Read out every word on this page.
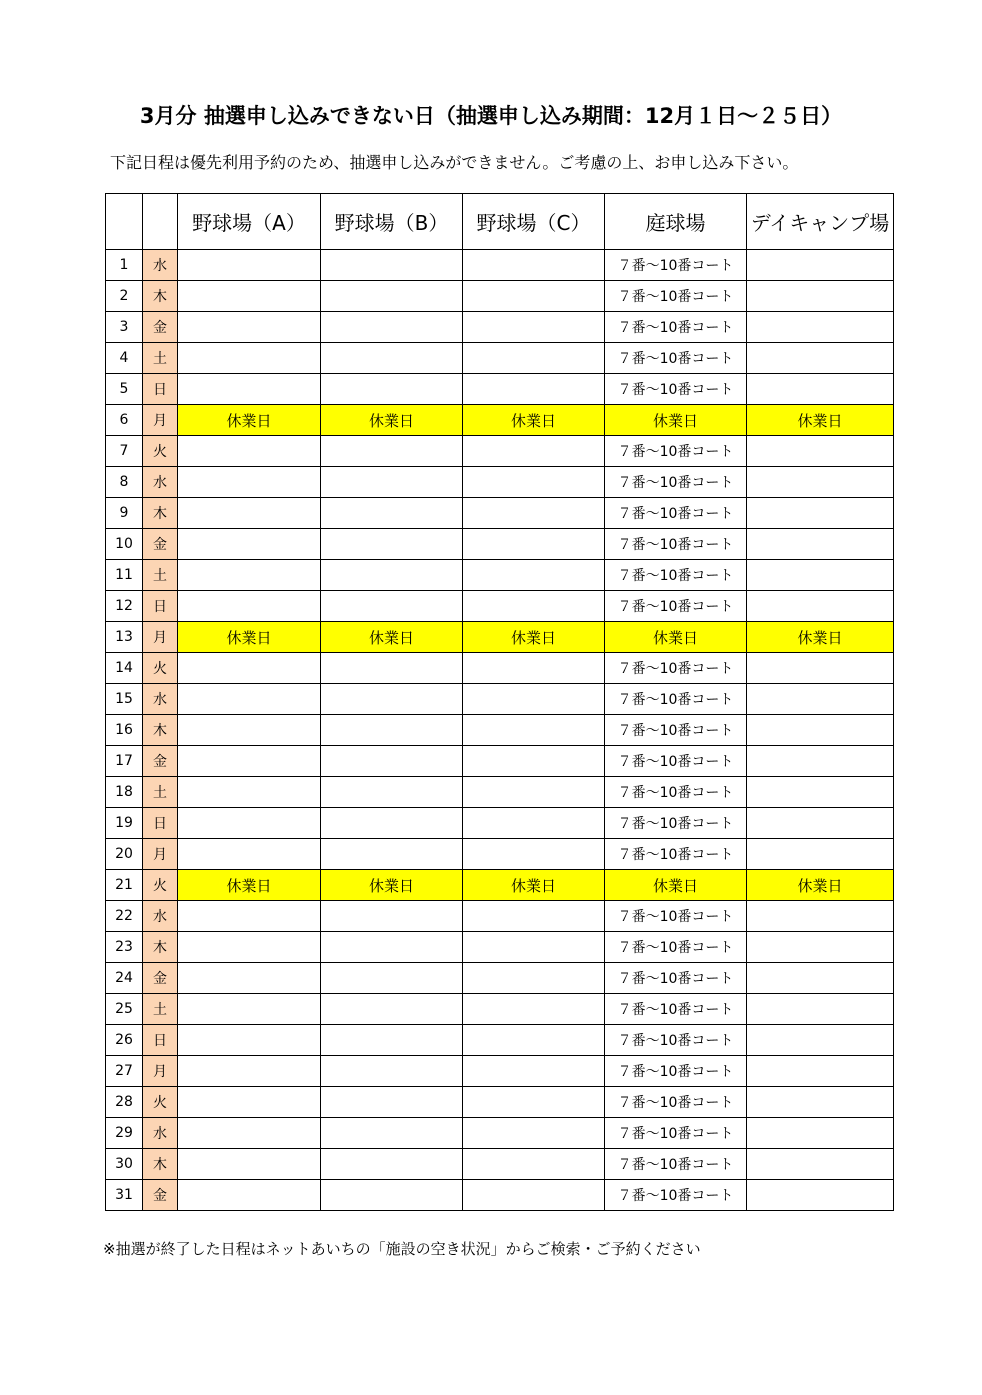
3月分 抽選申し込みできない日（抽選申し込み期間：12月１日～２５日）
下記日程は優先利用予約のため、抽選申し込みができません。ご考慮の上、お申し込み下さい。
		野球場（A）	野球場（B）	野球場（C）	庭球場	デイキャンプ場
1	水				７番～10番コート	
2	木				７番～10番コート	
3	金				７番～10番コート	
4	土				７番～10番コート	
5	日				７番～10番コート	
6	月	休業日	休業日	休業日	休業日	休業日
7	火				７番～10番コート	
8	水				７番～10番コート	
9	木				７番～10番コート	
10	金				７番～10番コート	
11	土				７番～10番コート	
12	日				７番～10番コート	
13	月	休業日	休業日	休業日	休業日	休業日
14	火				７番～10番コート	
15	水				７番～10番コート	
16	木				７番～10番コート	
17	金				７番～10番コート	
18	土				７番～10番コート	
19	日				７番～10番コート	
20	月				７番～10番コート	
21	火	休業日	休業日	休業日	休業日	休業日
22	水				７番～10番コート	
23	木				７番～10番コート	
24	金				７番～10番コート	
25	土				７番～10番コート	
26	日				７番～10番コート	
27	月				７番～10番コート	
28	火				７番～10番コート	
29	水				７番～10番コート	
30	木				７番～10番コート	
31	金				７番～10番コート	
※抽選が終了した日程はネットあいちの「施設の空き状況」からご検索・ご予約ください
